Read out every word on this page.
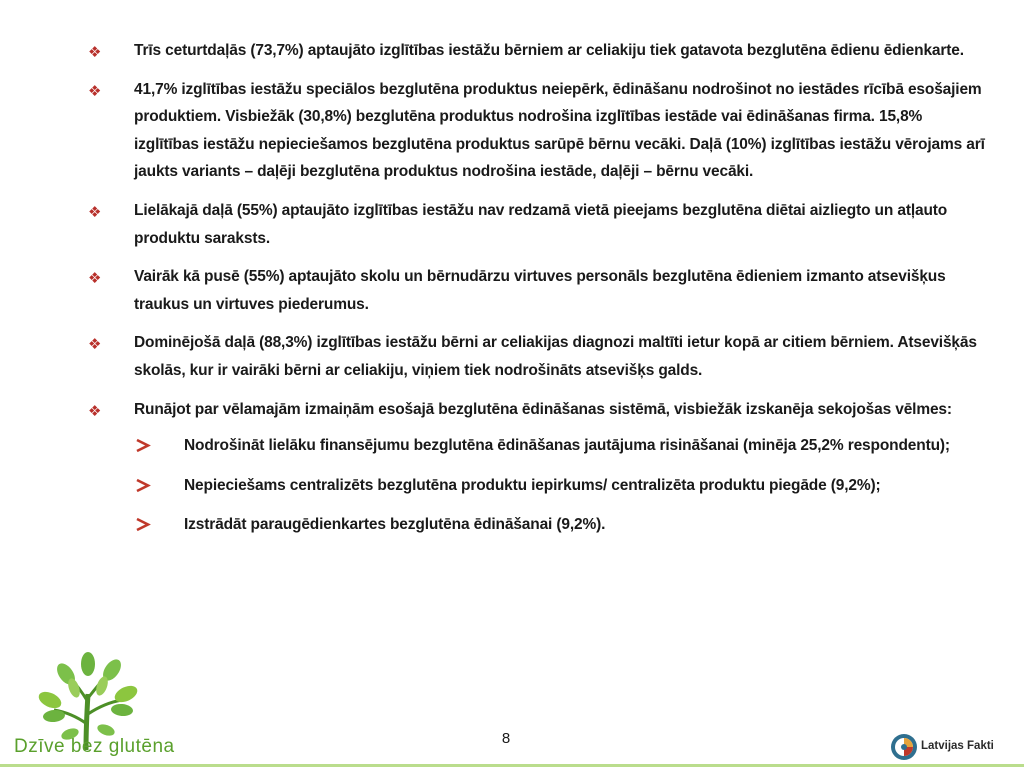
❖ Trīs ceturtdaļās (73,7%) aptaujāto izglītības iestāžu bērniem ar celiakiju tiek gatavota bezglutēna ēdienu ēdienkarte.
❖ 41,7% izglītības iestāžu speciālos bezglutēna produktus neiepērk, ēdināšanu nodrošinot no iestādes rīcībā esošajiem produktiem. Visbiežāk (30,8%) bezglutēna produktus nodrošina izglītības iestāde vai ēdināšanas firma. 15,8% izglītības iestāžu nepieciešamos bezglutēna produktus sarūpē bērnu vecāki. Daļā (10%) izglītības iestāžu vērojams arī jaukts variants – daļēji bezglutēna produktus nodrošina iestāde, daļēji – bērnu vecāki.
❖ Lielākajā daļā (55%) aptaujāto izglītības iestāžu nav redzamā vietā pieejams bezglutēna diētai aizliegto un atļauto produktu saraksts.
❖ Vairāk kā pusē (55%) aptaujāto skolu un bērnudārzu virtuves personāls bezglutēna ēdieniem izmanto atsevišķus traukus un virtuves piederumus.
❖ Dominējošā daļā (88,3%) izglītības iestāžu bērni ar celiakijas diagnozi maltīti ietur kopā ar citiem bērniem. Atsevišķās skolās, kur ir vairāki bērni ar celiakiju, viņiem tiek nodrošināts atsevišķs galds.
❖ Runājot par vēlamajām izmaiņām esošajā bezglutēna ēdināšanas sistēmā, visbiežāk izskanēja sekojošas vēlmes:
Nodrošināt lielāku finansējumu bezglutēna ēdināšanas jautājuma risināšanai (minēja 25,2% respondentu);
Nepieciešams centralizēts bezglutēna produktu iepirkums/ centralizēta produktu piegāde (9,2%);
Izstrādāt paraugēdienkartes bezglutēna ēdināšanai (9,2%).
Dzīve bez glutēna	8	Latvijas Fakti
